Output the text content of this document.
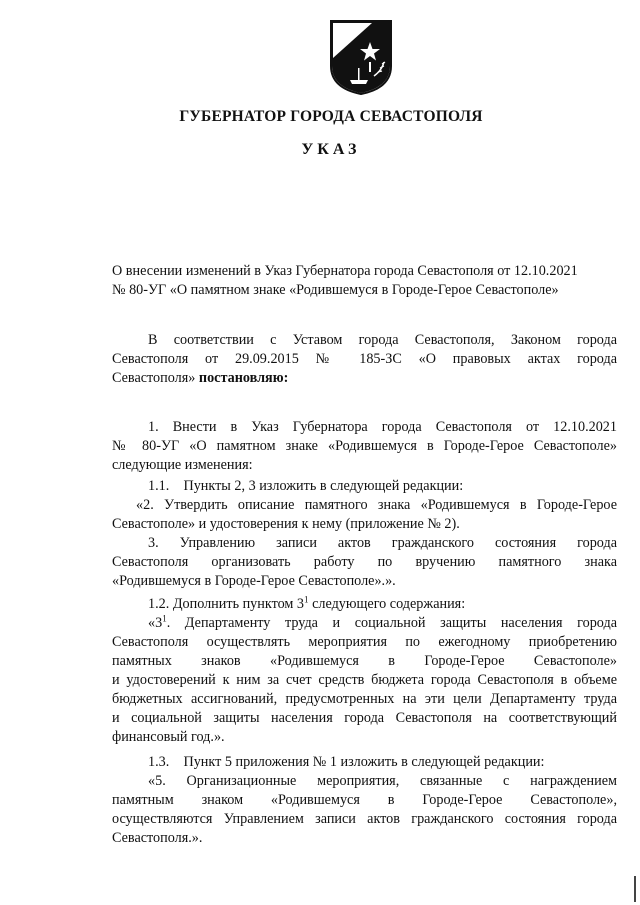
ГУБЕРНАТОР ГОРОДА СЕВАСТОПОЛЯ
УКАЗ
О внесении изменений в Указ Губернатора города Севастополя от 12.10.2021
№ 80-УГ «О памятном знаке «Родившемуся в Городе-Герое Севастополе»
В соответствии с Уставом города Севастополя, Законом города
Севастополя от 29.09.2015 № 185-ЗС «О правовых актах города
Севастополя» постановляю:
1. Внести в Указ Губернатора города Севастополя от 12.10.2021
№ 80-УГ «О памятном знаке «Родившемуся в Городе-Герое Севастополе»
следующие изменения:
1.1.    Пункты 2, 3 изложить в следующей редакции:
«2. Утвердить описание памятного знака «Родившемуся в Городе-Герое
Севастополе» и удостоверения к нему (приложение № 2).
3. Управлению записи актов гражданского состояния города
Севастополя организовать работу по вручению памятного знака
«Родившемуся в Городе-Герое Севастополе».».
1.2. Дополнить пунктом $3^1$ следующего содержания:
«$3^1$. Департаменту труда и социальной защиты населения города
Севастополя осуществлять мероприятия по ежегодному приобретению
памятных знаков «Родившемуся в Городе-Герое Севастополе»
и удостоверений к ним за счет средств бюджета города Севастополя в объеме
бюджетных ассигнований, предусмотренных на эти цели Департаменту труда
и социальной защиты населения города Севастополя на соответствующий
финансовый год.».
1.3.    Пункт 5 приложения № 1 изложить в следующей редакции:
«5. Организационные мероприятия, связанные с награждением
памятным знаком «Родившемуся в Городе-Герое Севастополе»,
осуществляются Управлением записи актов гражданского состояния города
Севастополя.».
